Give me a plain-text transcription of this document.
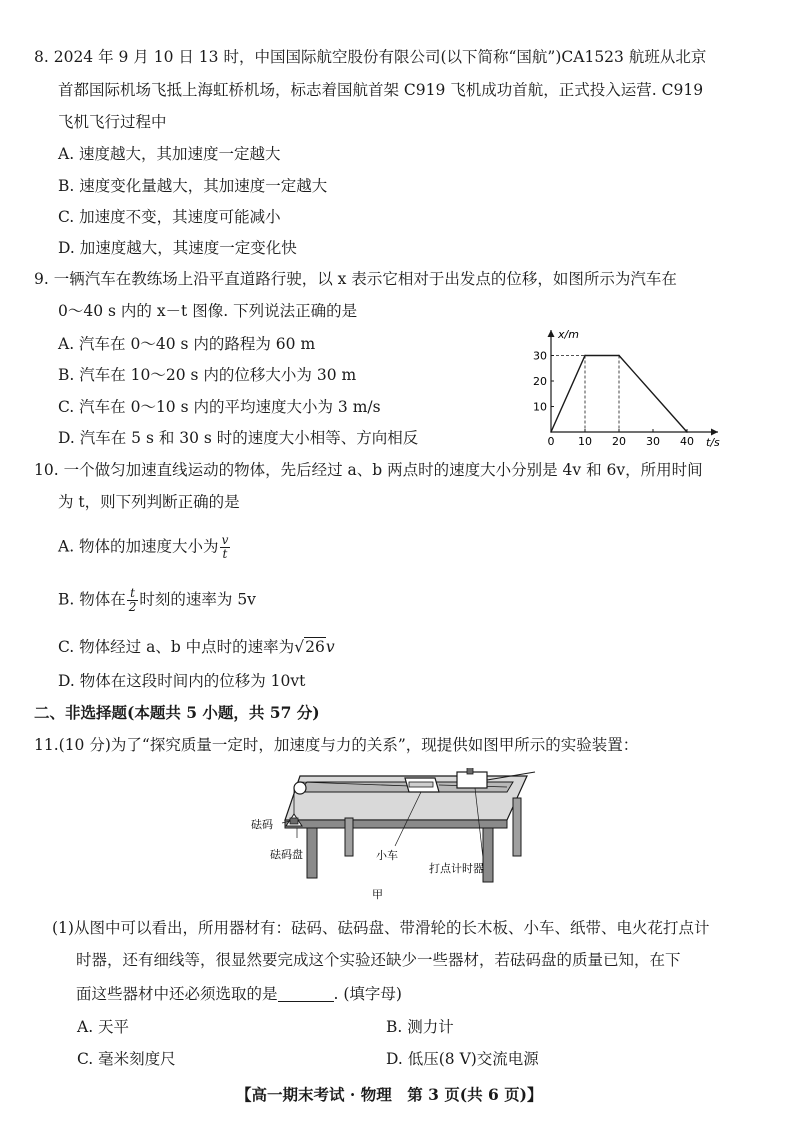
8. 2024 年 9 月 10 日 13 时，中国国际航空股份有限公司(以下简称“国航”)CA1523 航班从北京
首都国际机场飞抵上海虹桥机场，标志着国航首架 C919 飞机成功首航，正式投入运营. C919
飞机飞行过程中
A. 速度越大，其加速度一定越大
B. 速度变化量越大，其加速度一定越大
C. 加速度不变，其速度可能减小
D. 加速度越大，其速度一定变化快
9. 一辆汽车在教练场上沿平直道路行驶，以 x 表示它相对于出发点的位移，如图所示为汽车在
0～40 s 内的 x－t 图像. 下列说法正确的是
A. 汽车在 0～40 s 内的路程为 60 m
B. 汽车在 10～20 s 内的位移大小为 30 m
C. 汽车在 0～10 s 内的平均速度大小为 3 m/s
D. 汽车在 5 s 和 30 s 时的速度大小相等、方向相反
x/m
t/s
0 10 20 30 40
10
20
30
10. 一个做匀加速直线运动的物体，先后经过 a、b 两点时的速度大小分别是 4v 和 6v，所用时间
为 t，则下列判断正确的是
A. 物体的加速度大小为 $\frac{v}{t}$
B. 物体在 $\frac{t}{2}$ 时刻的速率为 5v
C. 物体经过 a、b 中点时的速率为√26v
D. 物体在这段时间内的位移为 10vt
二、非选择题(本题共 5 小题，共 57 分)
11.(10 分)为了“探究质量一定时，加速度与力的关系”，现提供如图甲所示的实验装置：
砝码
砝码盘	小车
打点计时器
甲
(1)从图中可以看出，所用器材有：砝码、砝码盘、带滑轮的长木板、小车、纸带、电火花打点计
时器，还有细线等，很显然要完成这个实验还缺少一些器材，若砝码盘的质量已知，在下
面这些器材中还必须选取的是	. (填字母)
A. 天平	B. 测力计
C. 毫米刻度尺	D. 低压(8 V)交流电源
【高一期末考试 · 物理　第 3 页(共 6 页)】
